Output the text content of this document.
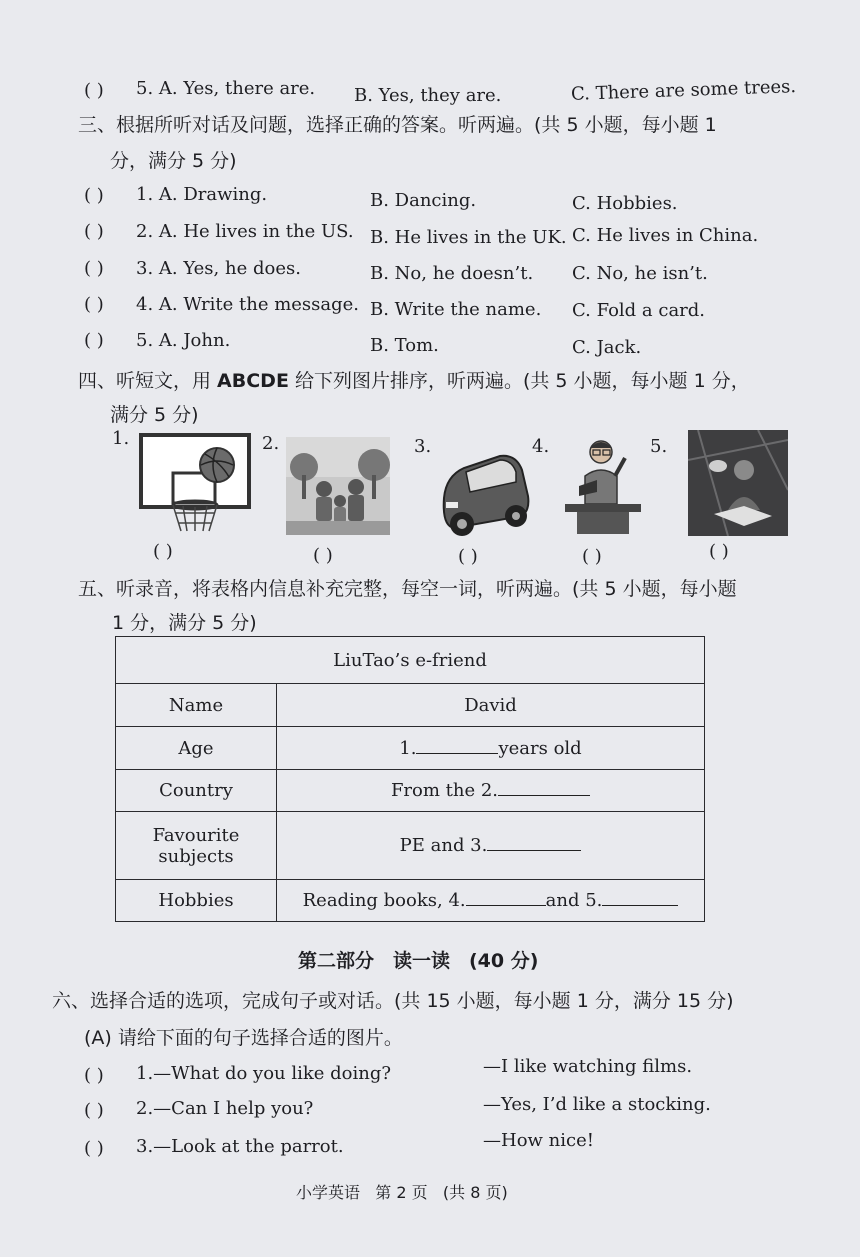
( ) 5. A. Yes, there are. B. Yes, they are.	C. There are some trees.
三、根据所听对话及问题，选择正确的答案。听两遍。(共 5 小题，每小题 1
分，满分 5 分)
( ) 1. A. Drawing.	B. Dancing.	C. Hobbies.
( ) 2. A. He lives in the US. B. He lives in the UK. C. He lives in China.
( ) 3. A. Yes, he does.	B. No, he doesn’t. C. No, he isn’t.
( ) 4. A. Write the message. B. Write the name. C. Fold a card.
( ) 5. A. John.	B. Tom.	C. Jack.
四、听短文，用 ABCDE 给下列图片排序，听两遍。(共 5 小题，每小题 1 分，
满分 5 分)
1.	2.	3.	4.	5.
( )	( )	( )	( )	( )
五、听录音，将表格内信息补充完整，每空一词，听两遍。(共 5 小题，每小题
1 分，满分 5 分)
LiuTao’s e-friend	
Name	David
Age	1. years old
Country	From the 2.
Favourite
subjects	PE and 3.
Hobbies	Reading books, 4. and 5.
第二部分　读一读　(40 分)
六、选择合适的选项，完成句子或对话。(共 15 小题，每小题 1 分，满分 15 分)
(A) 请给下面的句子选择合适的图片。
( ) 1.—What do you like doing?	—I like watching films.
( ) 2.—Can I help you?	—Yes, I’d like a stocking.
( ) 3.—Look at the parrot.	—How nice!
小学英语 第 2 页 (共 8 页)
